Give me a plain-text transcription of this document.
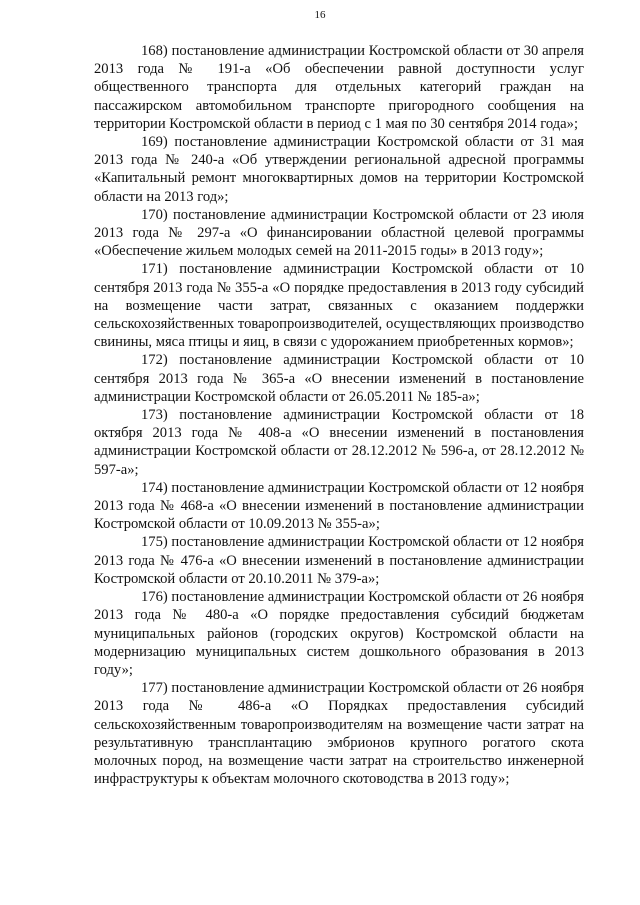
16

168) постановление администрации Костромской области от 30 апреля 2013 года № 191-а «Об обеспечении равной доступности услуг общественного транспорта для отдельных категорий граждан на пассажирском автомобильном транспорте пригородного сообщения на территории Костромской области в период с 1 мая по 30 сентября 2014 года»;

169) постановление администрации Костромской области от 31 мая 2013 года № 240-а «Об утверждении региональной адресной программы «Капитальный ремонт многоквартирных домов на территории Костромской области на 2013 год»;

170) постановление администрации Костромской области от 23 июля 2013 года № 297-а «О финансировании областной целевой программы «Обеспечение жильем молодых семей на 2011-2015 годы» в 2013 году»;

171) постановление администрации Костромской области от 10 сентября 2013 года № 355-а «О порядке предоставления в 2013 году субсидий на возмещение части затрат, связанных с оказанием поддержки сельскохозяйственных товаропроизводителей, осуществляющих производство свинины, мяса птицы и яиц, в связи с удорожанием приобретенных кормов»;

172) постановление администрации Костромской области от 10 сентября 2013 года № 365-а «О внесении изменений в постановление администрации Костромской области от 26.05.2011 № 185-а»;

173) постановление администрации Костромской области от 18 октября 2013 года № 408-а «О внесении изменений в постановления администрации Костромской области от 28.12.2012 № 596-а, от 28.12.2012 № 597-а»;

174) постановление администрации Костромской области от 12 ноября 2013 года № 468-а «О внесении изменений в постановление администрации Костромской области от 10.09.2013 № 355-а»;

175) постановление администрации Костромской области от 12 ноября 2013 года № 476-а «О внесении изменений в постановление администрации Костромской области от 20.10.2011 № 379-а»;

176) постановление администрации Костромской области от 26 ноября 2013 года № 480-а «О порядке предоставления субсидий бюджетам муниципальных районов (городских округов) Костромской области на модернизацию муниципальных систем дошкольного образования в 2013 году»;

177) постановление администрации Костромской области от 26 ноября 2013 года № 486-а «О Порядках предоставления субсидий сельскохозяйственным товаропроизводителям на возмещение части затрат на результативную трансплантацию эмбрионов крупного рогатого скота молочных пород, на возмещение части затрат на строительство инженерной инфраструктуры к объектам молочного скотоводства в 2013 году»;
